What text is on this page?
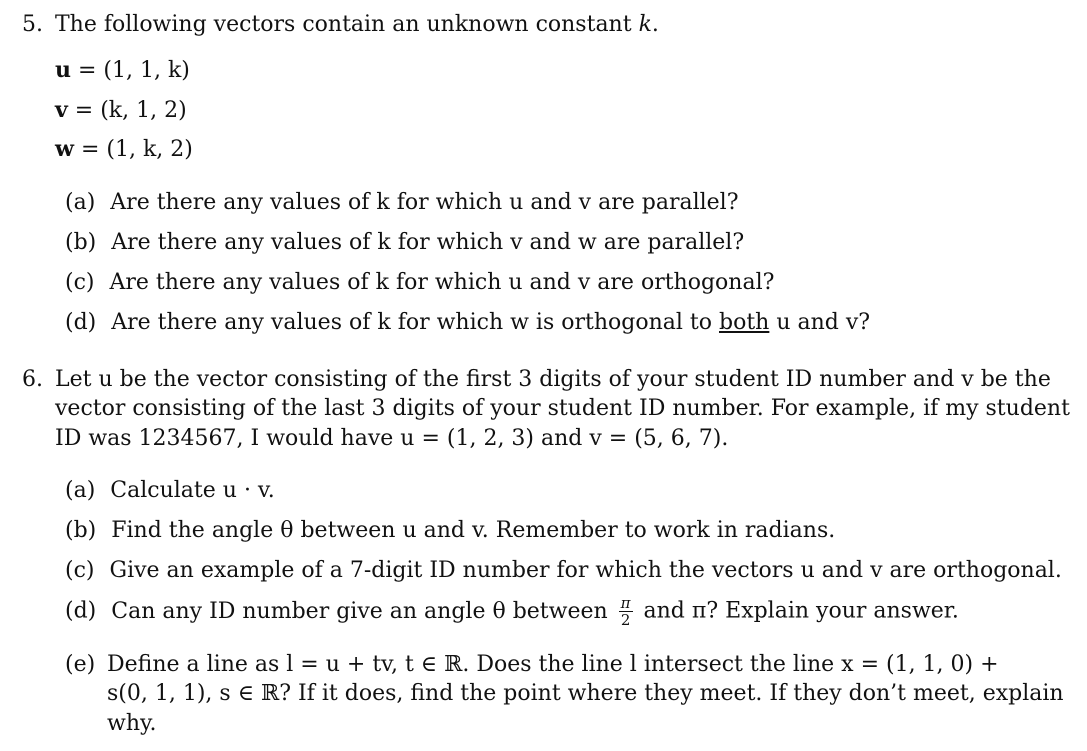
5. The following vectors contain an unknown constant k.
u = (1, 1, k)
v = (k, 1, 2)
w = (1, k, 2)
(a) Are there any values of k for which u and v are parallel?
(b) Are there any values of k for which v and w are parallel?
(c) Are there any values of k for which u and v are orthogonal?
(d) Are there any values of k for which w is orthogonal to both u and v?
6. Let u be the vector consisting of the first 3 digits of your student ID number and v be the
vector consisting of the last 3 digits of your student ID number. For example, if my student
ID was 1234567, I would have u = (1, 2, 3) and v = (5, 6, 7).
(a) Calculate u · v.
(b) Find the angle θ between u and v. Remember to work in radians.
(c) Give an example of a 7-digit ID number for which the vectors u and v are orthogonal.
(d) Can any ID number give an angle θ between $\frac{\pi}{2}$ and π? Explain your answer.
(e) Define a line as l = u + tv, t ∈ ℝ. Does the line l intersect the line x = (1, 1, 0) +
s(0, 1, 1), s ∈ ℝ? If it does, find the point where they meet. If they don’t meet, explain
why.
